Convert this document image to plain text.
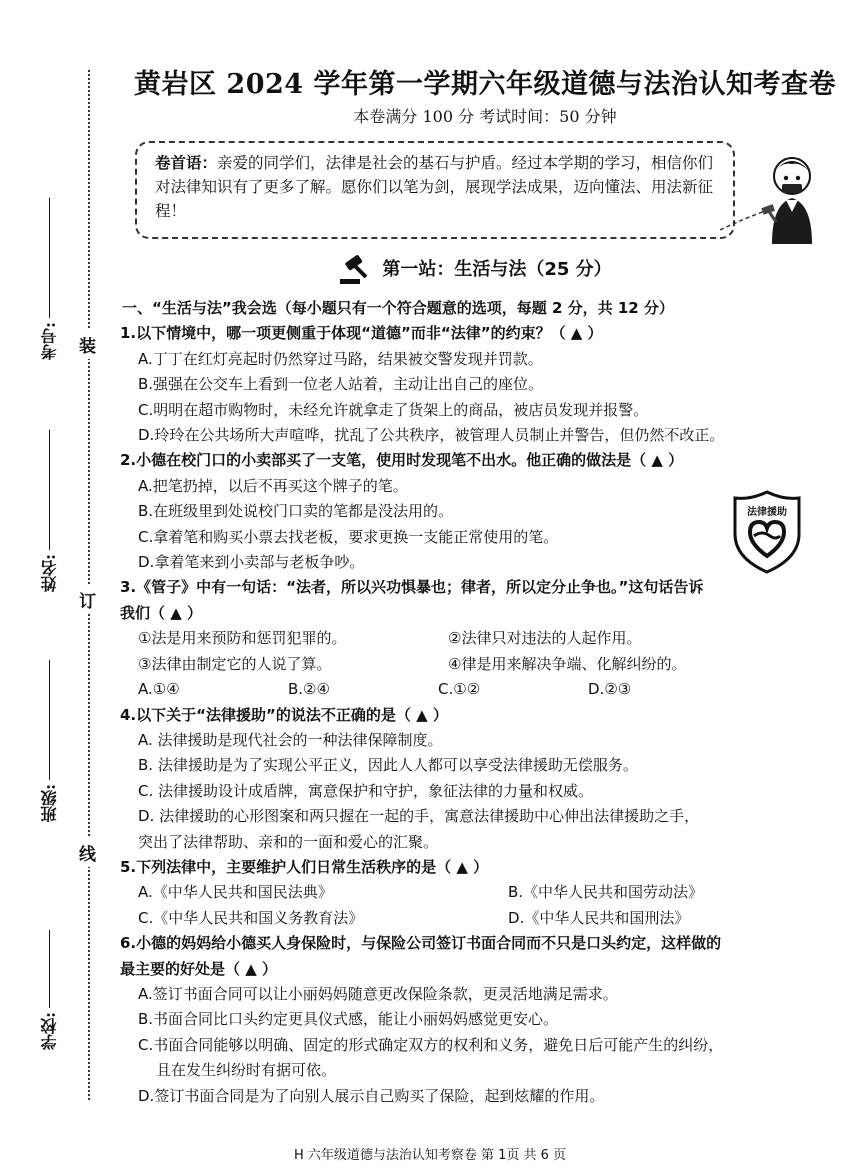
装
订
线
考号:
姓名:
班级:
学校:
黄岩区 2024 学年第一学期六年级道德与法治认知考查卷
本卷满分 100 分 考试时间：50 分钟
卷首语：亲爱的同学们，法律是社会的基石与护盾。经过本学期的学习，相信你们对法律知识有了更多了解。愿你们以笔为剑，展现学法成果，迈向懂法、用法新征程！
第一站：生活与法（25 分）
一、“生活与法”我会选（每小题只有一个符合题意的选项，每题 2 分，共 12 分）
1.以下情境中，哪一项更侧重于体现“道德”而非“法律”的约束？（ ▲ ）
A.丁丁在红灯亮起时仍然穿过马路，结果被交警发现并罚款。
B.强强在公交车上看到一位老人站着，主动让出自己的座位。
C.明明在超市购物时，未经允许就拿走了货架上的商品，被店员发现并报警。
D.玲玲在公共场所大声喧哗，扰乱了公共秩序，被管理人员制止并警告，但仍然不改正。
2.小德在校门口的小卖部买了一支笔，使用时发现笔不出水。他正确的做法是（ ▲ ）
A.把笔扔掉，以后不再买这个牌子的笔。
B.在班级里到处说校门口卖的笔都是没法用的。
C.拿着笔和购买小票去找老板，要求更换一支能正常使用的笔。
D.拿着笔来到小卖部与老板争吵。
3.《管子》中有一句话：“法者，所以兴功惧暴也；律者，所以定分止争也。”这句话告诉
我们（ ▲ ）
①法是用来预防和惩罚犯罪的。	②法律只对违法的人起作用。
③法律由制定它的人说了算。	④律是用来解决争端、化解纠纷的。
A.①④	B.②④	C.①②	D.②③
4.以下关于“法律援助”的说法不正确的是（ ▲ ）
A. 法律援助是现代社会的一种法律保障制度。
B. 法律援助是为了实现公平正义，因此人人都可以享受法律援助无偿服务。
C. 法律援助设计成盾牌，寓意保护和守护，象征法律的力量和权威。
D. 法律援助的心形图案和两只握在一起的手，寓意法律援助中心伸出法律援助之手，突出了法律帮助、亲和的一面和爱心的汇聚。
5.下列法律中，主要维护人们日常生活秩序的是（ ▲ ）
A.《中华人民共和国民法典》	B.《中华人民共和国劳动法》
C.《中华人民共和国义务教育法》	D.《中华人民共和国刑法》
6.小德的妈妈给小德买人身保险时，与保险公司签订书面合同而不只是口头约定，这样做的
最主要的好处是（ ▲ ）
A.签订书面合同可以让小丽妈妈随意更改保险条款，更灵活地满足需求。
B.书面合同比口头约定更具仪式感，能让小丽妈妈感觉更安心。
C.书面合同能够以明确、固定的形式确定双方的权利和义务，避免日后可能产生的纠纷，
且在发生纠纷时有据可依。
D.签订书面合同是为了向别人展示自己购买了保险，起到炫耀的作用。
法律援助
H 六年级道德与法治认知考察卷 第 1页 共 6 页
